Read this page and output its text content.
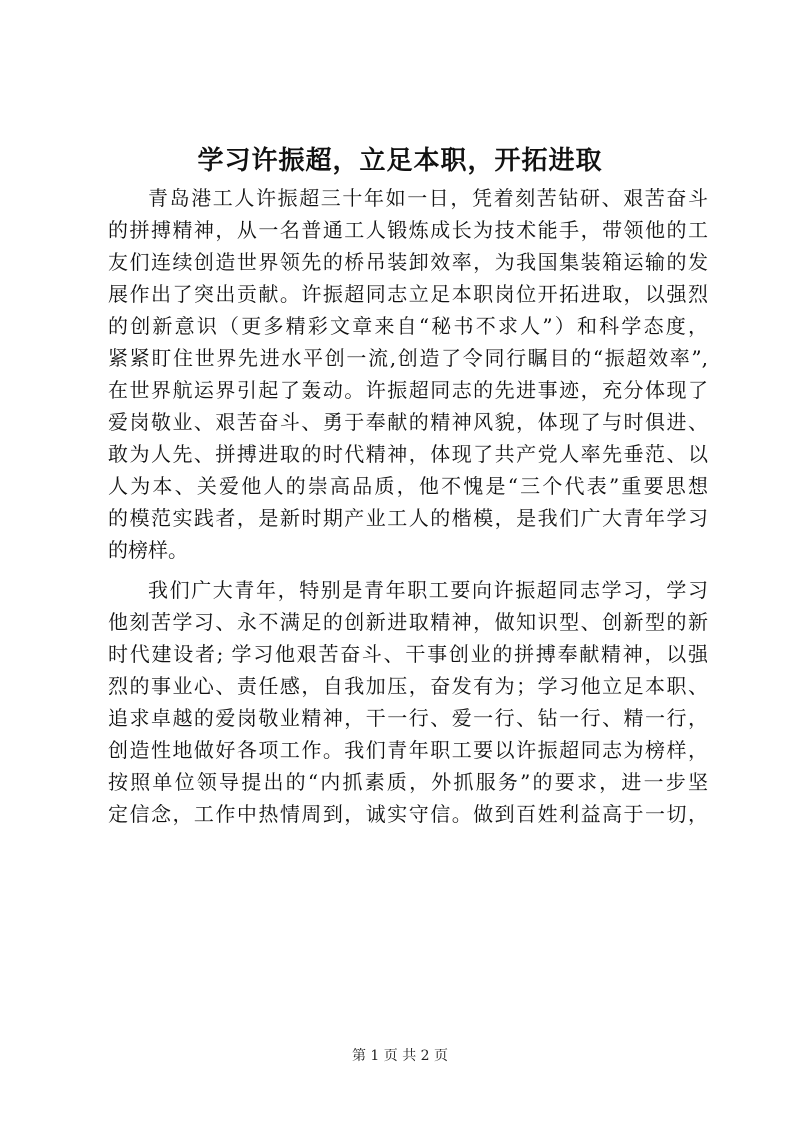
学习许振超，立足本职，开拓进取

青岛港工人许振超三十年如一日，凭着刻苦钻研、艰苦奋斗
的拼搏精神，从一名普通工人锻炼成长为技术能手，带领他的工
友们连续创造世界领先的桥吊装卸效率，为我国集装箱运输的发
展作出了突出贡献。许振超同志立足本职岗位开拓进取，以强烈
的创新意识（更多精彩文章来自“秘书不求人”）和科学态度，
紧紧盯住世界先进水平创一流,创造了令同行瞩目的“振超效率”,
在世界航运界引起了轰动。许振超同志的先进事迹，充分体现了
爱岗敬业、艰苦奋斗、勇于奉献的精神风貌，体现了与时俱进、
敢为人先、拼搏进取的时代精神，体现了共产党人率先垂范、以
人为本、关爱他人的崇高品质，他不愧是“三个代表”重要思想
的模范实践者，是新时期产业工人的楷模，是我们广大青年学习
的榜样。

我们广大青年，特别是青年职工要向许振超同志学习，学习
他刻苦学习、永不满足的创新进取精神，做知识型、创新型的新
时代建设者; 学习他艰苦奋斗、干事创业的拼搏奉献精神，以强
烈的事业心、责任感，自我加压，奋发有为；学习他立足本职、
追求卓越的爱岗敬业精神，干一行、爱一行、钻一行、精一行，
创造性地做好各项工作。我们青年职工要以许振超同志为榜样，
按照单位领导提出的“内抓素质，外抓服务”的要求，进一步坚
定信念，工作中热情周到，诚实守信。做到百姓利益高于一切，

第 1 页 共 2 页
